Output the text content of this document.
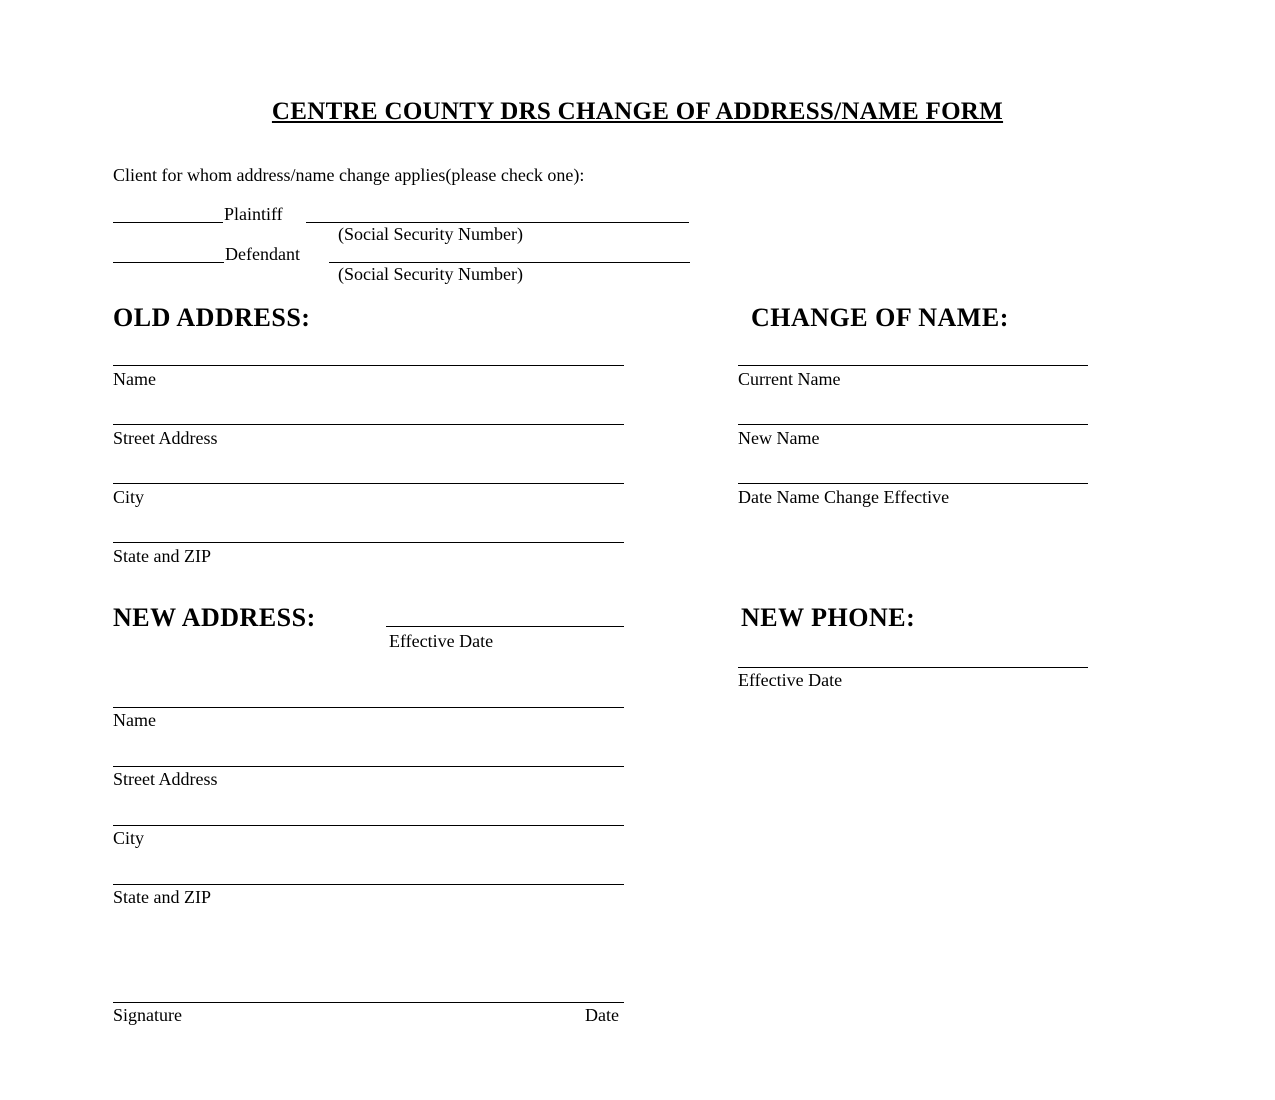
CENTRE COUNTY DRS CHANGE OF ADDRESS/NAME FORM
Client for whom address/name change applies(please check one):
Plaintiff
(Social Security Number)
Defendant
(Social Security Number)
OLD ADDRESS:
Name
Street Address
City
State and ZIP
CHANGE OF NAME:
Current Name
New Name
Date Name Change Effective
NEW ADDRESS:
Effective Date
Name
Street Address
City
State and ZIP
NEW PHONE:
Effective Date
Signature	Date
